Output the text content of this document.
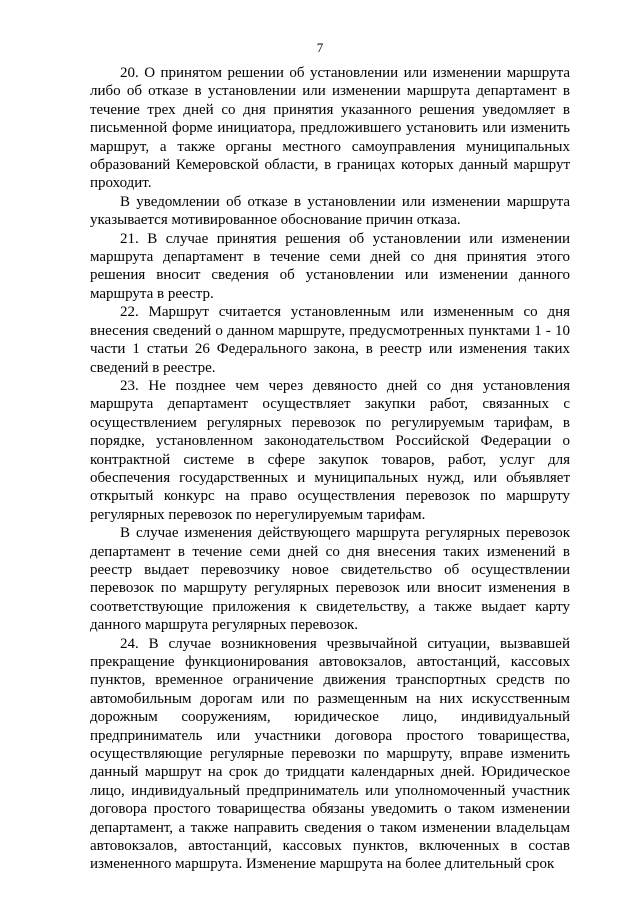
7

20. О принятом решении об установлении или изменении маршрута либо об отказе в установлении или изменении маршрута департамент в течение трех дней со дня принятия указанного решения уведомляет в письменной форме инициатора, предложившего установить или изменить маршрут, а также органы местного самоуправления муниципальных образований Кемеровской области, в границах которых данный маршрут проходит.

В уведомлении об отказе в установлении или изменении маршрута указывается мотивированное обоснование причин отказа.

21. В случае принятия решения об установлении или изменении маршрута департамент в течение семи дней со дня принятия этого решения вносит сведения об установлении или изменении данного маршрута в реестр.

22. Маршрут считается установленным или измененным со дня внесения сведений о данном маршруте, предусмотренных пунктами 1 - 10 части 1 статьи 26 Федерального закона, в реестр или изменения таких сведений в реестре.

23. Не позднее чем через девяносто дней со дня установления маршрута департамент осуществляет закупки работ, связанных с осуществлением регулярных перевозок по регулируемым тарифам, в порядке, установленном законодательством Российской Федерации о контрактной системе в сфере закупок товаров, работ, услуг для обеспечения государственных и муниципальных нужд, или объявляет открытый конкурс на право осуществления перевозок по маршруту регулярных перевозок по нерегулируемым тарифам.

В случае изменения действующего маршрута регулярных перевозок департамент в течение семи дней со дня внесения таких изменений в реестр выдает перевозчику новое свидетельство об осуществлении перевозок по маршруту регулярных перевозок или вносит изменения в соответствующие приложения к свидетельству, а также выдает карту данного маршрута регулярных перевозок.

24. В случае возникновения чрезвычайной ситуации, вызвавшей прекращение функционирования автовокзалов, автостанций, кассовых пунктов, временное ограничение движения транспортных средств по автомобильным дорогам или по размещенным на них искусственным дорожным сооружениям, юридическое лицо, индивидуальный предприниматель или участники договора простого товарищества, осуществляющие регулярные перевозки по маршруту, вправе изменить данный маршрут на срок до тридцати календарных дней. Юридическое лицо, индивидуальный предприниматель или уполномоченный участник договора простого товарищества обязаны уведомить о таком изменении департамент, а также направить сведения о таком изменении владельцам автовокзалов, автостанций, кассовых пунктов, включенных в состав измененного маршрута. Изменение маршрута на более длительный срок
